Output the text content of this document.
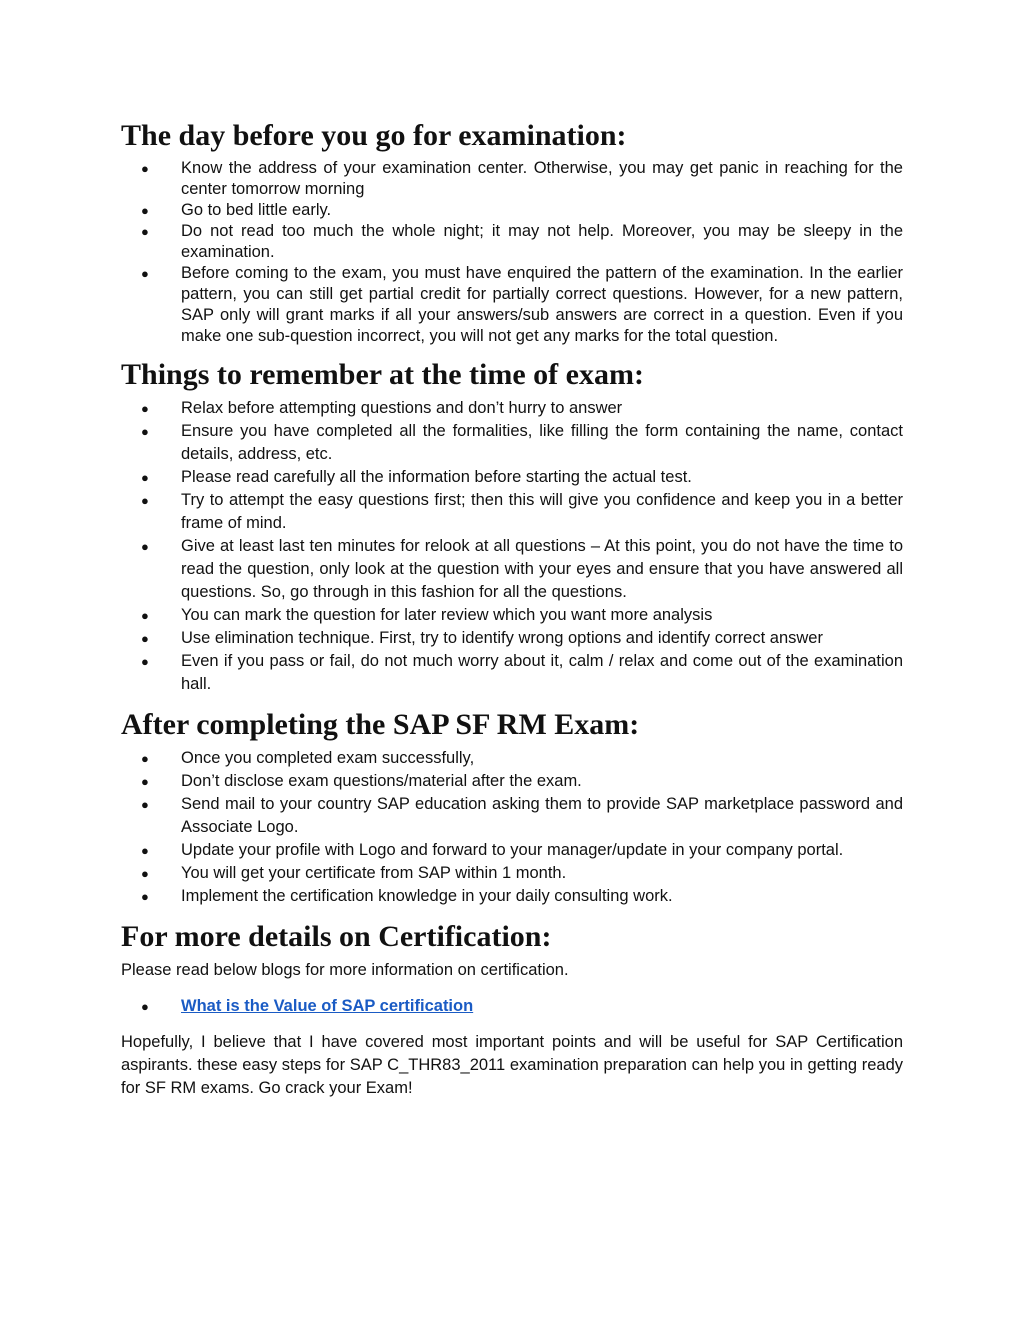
The day before you go for examination:
● Know the address of your examination center. Otherwise, you may get panic in reaching for the center tomorrow morning
● Go to bed little early.
● Do not read too much the whole night; it may not help. Moreover, you may be sleepy in the examination.
● Before coming to the exam, you must have enquired the pattern of the examination. In the earlier pattern, you can still get partial credit for partially correct questions. However, for a new pattern, SAP only will grant marks if all your answers/sub answers are correct in a question. Even if you make one sub-question incorrect, you will not get any marks for the total question.
Things to remember at the time of exam:
● Relax before attempting questions and don’t hurry to answer
● Ensure you have completed all the formalities, like filling the form containing the name, contact details, address, etc.
● Please read carefully all the information before starting the actual test.
● Try to attempt the easy questions first; then this will give you confidence and keep you in a better frame of mind.
● Give at least last ten minutes for relook at all questions – At this point, you do not have the time to read the question, only look at the question with your eyes and ensure that you have answered all questions. So, go through in this fashion for all the questions.
● You can mark the question for later review which you want more analysis
● Use elimination technique. First, try to identify wrong options and identify correct answer
● Even if you pass or fail, do not much worry about it, calm / relax and come out of the examination hall.
After completing the SAP SF RM Exam:
● Once you completed exam successfully,
● Don’t disclose exam questions/material after the exam.
● Send mail to your country SAP education asking them to provide SAP marketplace password and Associate Logo.
● Update your profile with Logo and forward to your manager/update in your company portal.
● You will get your certificate from SAP within 1 month.
● Implement the certification knowledge in your daily consulting work.
For more details on Certification:

Please read below blogs for more information on certification.

● What is the Value of SAP certification

Hopefully, I believe that I have covered most important points and will be useful for SAP Certification aspirants. these easy steps for SAP C_THR83_2011 examination preparation can help you in getting ready for SF RM exams. Go crack your Exam!
